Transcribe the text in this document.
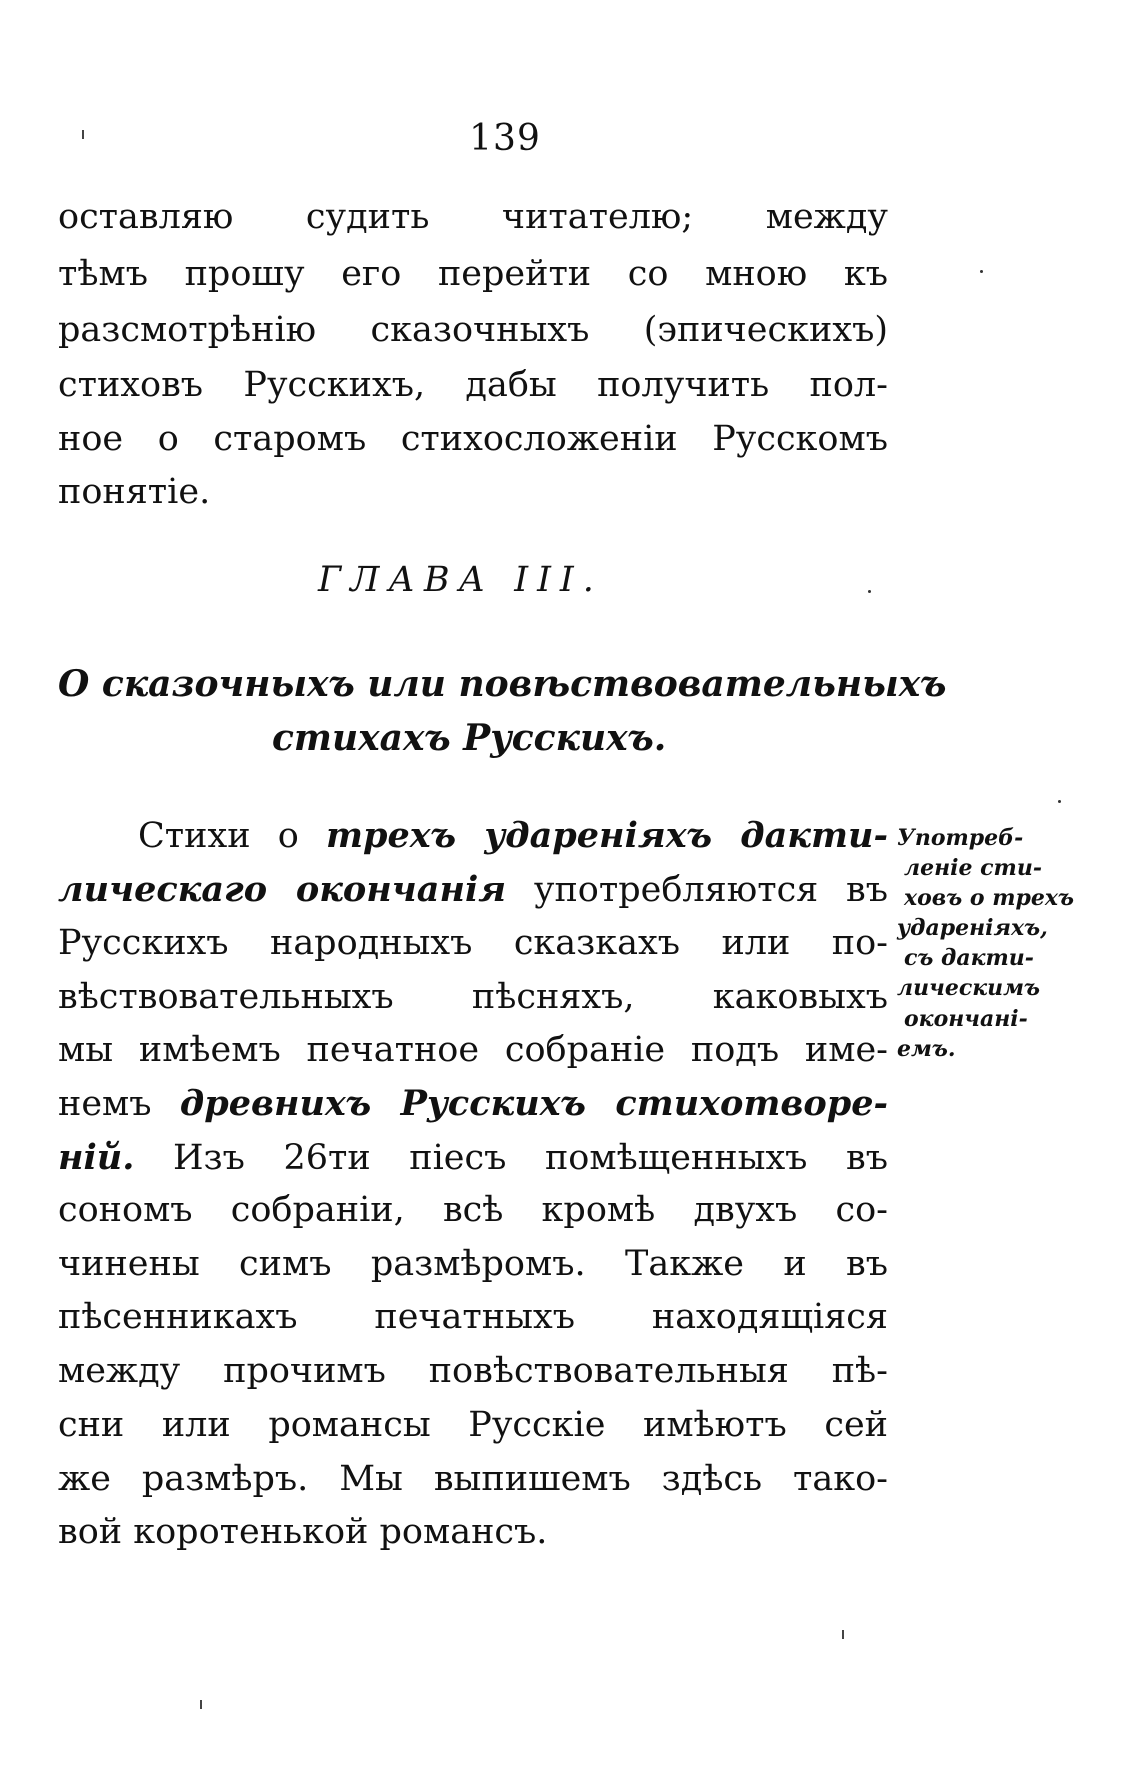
139
оставляю судить читателю; между
тѣмъ прошу его перейти со мною къ
разсмотрѣнію сказочныхъ (эпическихъ)
стиховъ Русскихъ, дабы получить пол-
ное о старомъ стихосложеніи Русскомъ
понятіе.
ГЛАВА III.
О сказочныхъ или повѣствовательныхъ
стихахъ Русскихъ.
Стихи о трехъ удареніяхъ дакти-
лическаго окончанія употребляются въ
Русскихъ народныхъ сказкахъ или по-
вѣствовательныхъ пѣсняхъ, каковыхъ
мы имѣемъ печатное собраніе подъ име-
немъ древнихъ Русскихъ стихотворе-
ній. Изъ 26ти піесъ помѣщенныхъ въ
сономъ собраніи, всѣ кромѣ двухъ со-
чинены симъ размѣромъ. Также и въ
пѣсенникахъ печатныхъ находящіяся
между прочимъ повѣствовательныя пѣ-
сни или романсы Русскіе имѣютъ сей
же размѣръ. Мы выпишемъ здѣсь тако-
вой коротенькой романсъ.
Употреб-
леніе сти-
ховъ о трехъ
удареніяхъ,
съ дакти-
лическимъ
окончані-
емъ.
